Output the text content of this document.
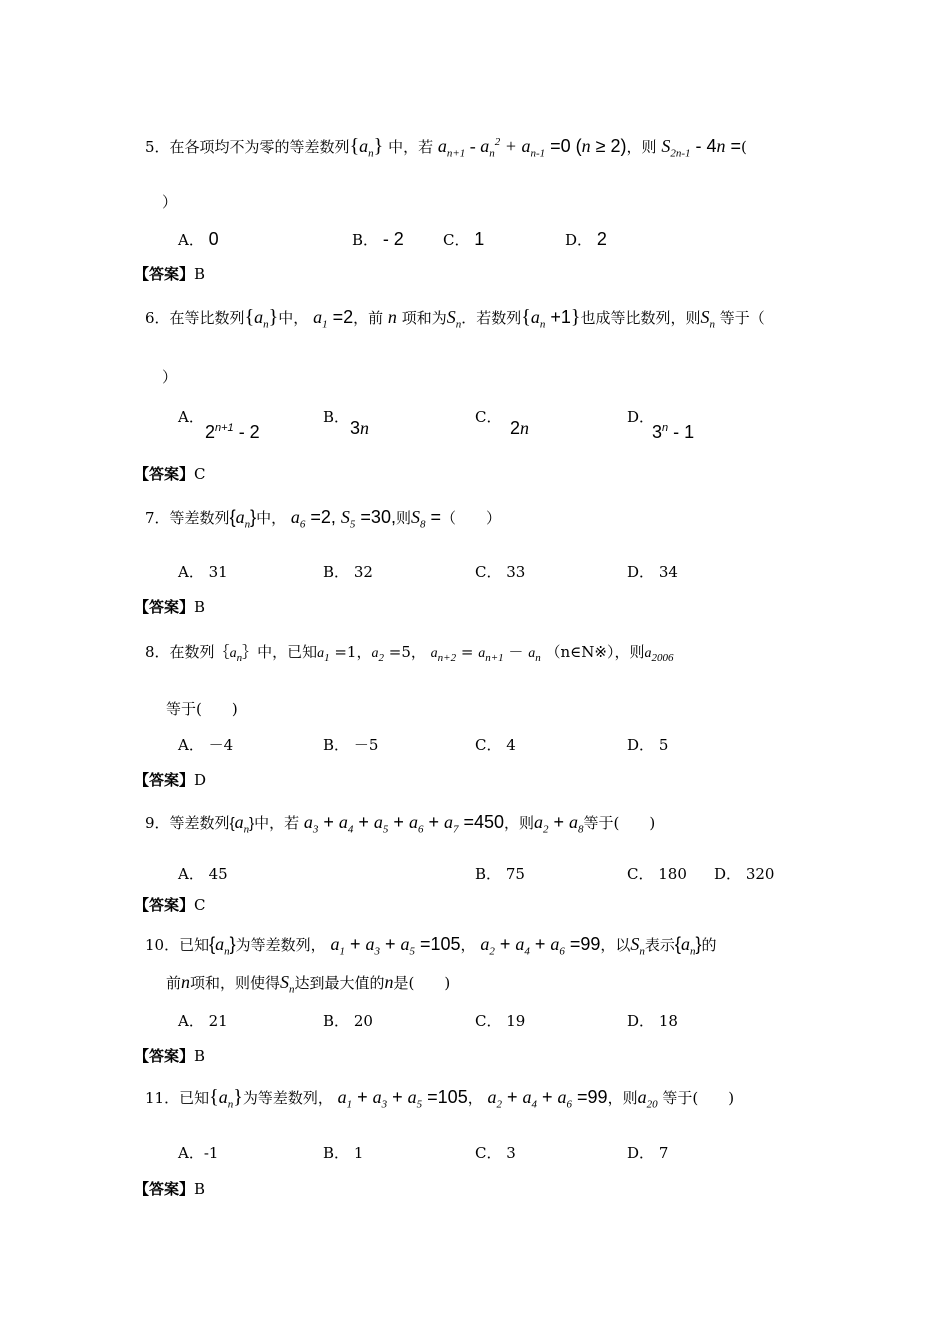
5．在各项均不为零的等差数列$\{a_n\}$ 中，若 $a_{n+1} - a_n^2 + a_{n-1} =0$ (n ≥ 2)，则 $S_{2n-1} - 4n$ =(
）
A． 0	B． - 2	C． 1	D． 2
【答案】B
6．在等比数列$\{a_n\}$中， $a_1 =2$，前 n 项和为$S_n$．若数列$\{a_n +1\}$也成等比数列，则$S_n$ 等于（
）
A．
$2^{n+1} - 2$
B．
3n
C．
2n
D．
3$^n$ - 1
【答案】C
7．等差数列$\{a_n\}$中， $a_6 =2$, $S_5 =30$,则$S_8$ =（　　）
A． 31	B． 32	C． 33	D． 34
【答案】B
8．在数列$\{a_n\}$中，已知$a_1 =1$，$a_2 =5$， $a_{n+2} = a_{n+1} - a_n$ （n∈N※），则$a_{2006}$
等于(　　)
A． －4	B． －5	C． 4	D． 5
【答案】D
9．等差数列$\{a_n\}$中，若 $a_3 + a_4 + a_5 + a_6 + a_7 =450$，则$a_2 + a_8$等于(　　)
A． 45	B． 75	C． 180 D． 320
【答案】C
10．已知$\{a_n\}$为等差数列， $a_1 + a_3 + a_5 =105$， $a_2 + a_4 + a_6 =99$，以$S_n$表示$\{a_n\}$的
前n项和，则使得$S_n$达到最大值的n是(　　)
A． 21	B． 20	C． 19	D． 18
【答案】B
11．已知$\{a_n\}$为等差数列， $a_1 + a_3 + a_5 =105$， $a_2 + a_4 + a_6 =99$，则$a_{20}$ 等于(　　)
A．-1	B． 1	C． 3	D． 7
【答案】B
